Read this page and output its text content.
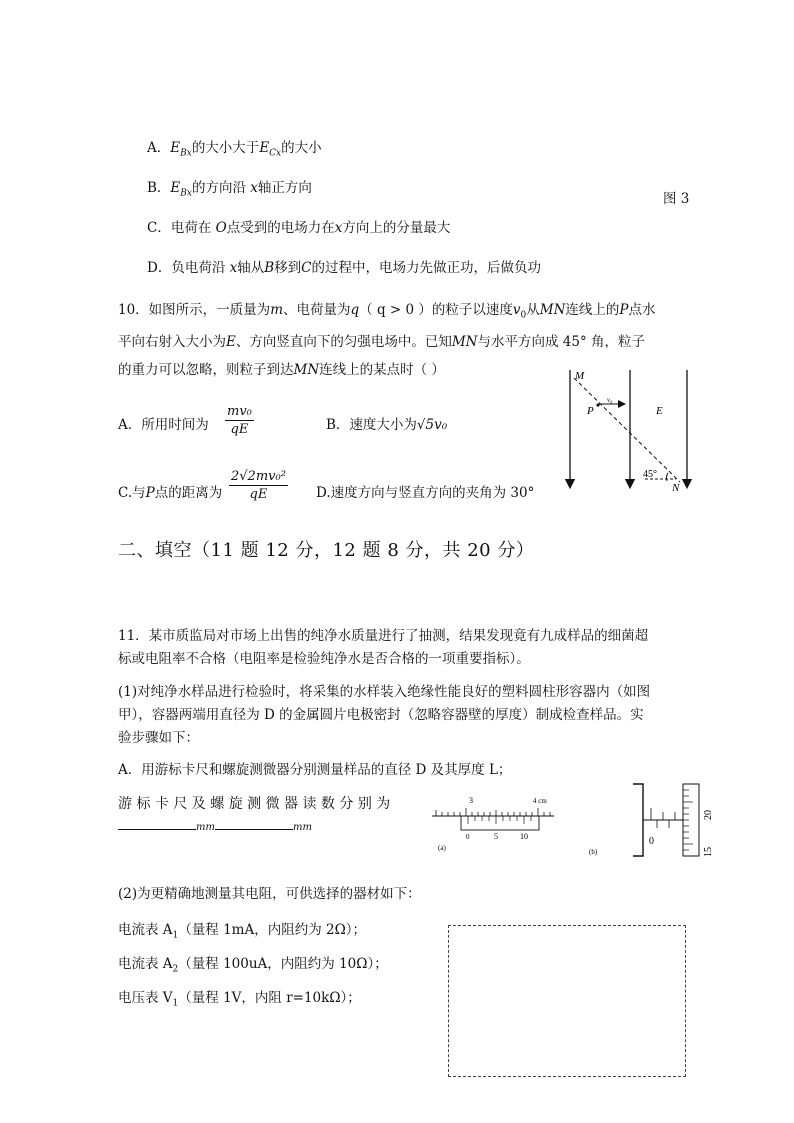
A．$E_{Bx}$的大小大于$E_{Cx}$的大小
B．$E_{Bx}$的方向沿 x轴正方向
图 3
C．电荷在 O点受到的电场力在x方向上的分量最大
D．负电荷沿 x轴从B移到C的过程中，电场力先做正功，后做负功
10．如图所示，一质量为m、电荷量为q（ q > 0 ）的粒子以速度$v_0$从MN连线上的P点水
平向右射入大小为E、方向竖直向下的匀强电场中。已知MN与水平方向成 45° 角，粒子
的重力可以忽略，则粒子到达MN连线上的某点时（ ）
A．所用时间为 $\frac{\text{mv₀}}{qE}$	B．速度大小为√5v₀
C.与P点的距离为 $\frac{\text{2√2mv₀²}}{qE} D$.速度方向与竖直方向的夹角为 30°
M
P
v₀
E
45°
N
二、填空（11 题 12 分，12 题 8 分，共 20 分）
11．某市质监局对市场上出售的纯净水质量进行了抽测，结果发现竟有九成样品的细菌超
标或电阻率不合格（电阻率是检验纯净水是否合格的一项重要指标）。
(1)对纯净水样品进行检验时，将采集的水样装入绝缘性能良好的塑料圆柱形容器内（如图
甲），容器两端用直径为 D 的金属圆片电极密封（忽略容器壁的厚度）制成检查样品。实
验步骤如下：
A．用游标卡尺和螺旋测微器分别测量样品的直径 D 及其厚度 L；
游 标 卡 尺 及 螺 旋 测 微 器 读 数 分 别 为
mm	mm
3	4 cm
0	5	10
(a)
20
15
0
(b)
(2)为更精确地测量其电阻，可供选择的器材如下：
电流表 $A_1$（量程 1mA，内阻约为 2Ω）；
电流表 $A_2$（量程 100uA，内阻约为 10Ω）；
电压表 $V_1$（量程 1V，内阻 r=10kΩ）；
